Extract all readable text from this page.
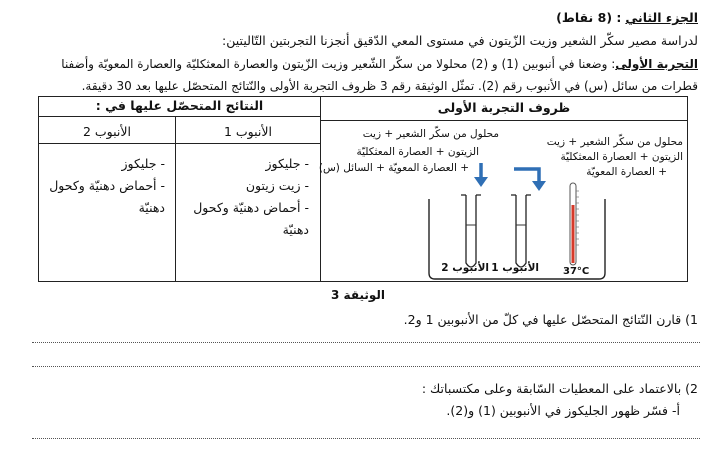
الجزء الثاني : (8 نقاط)
لدراسة مصير سكّر الشعير وزيت الزّيتون في مستوى المعي الدّقيق أنجزنا التجربتين التّاليتين:
التجربة الأولى: وضعنا في أنبوبين (1) و (2) محلولا من سكّر الشّعير وزيت الزّيتون والعصارة المعثكليّة والعصارة المعويّة وأضفنا
قطرات من سائل (س) في الأنبوب رقم (2). تمثّل الوثيقة رقم 3 ظروف التجربة الأولى والنّتائج المتحصّل عليها بعد 30 دقيقة.
ظروف التجربة الأولى
النتائج المتحصّل عليها في :
الأنبوب 1
الأنبوب 2
- جليكوز
- زيت زيتون
- أحماض دهنيّة وكحول
دهنيّة
- جليكوز
- أحماض دهنيّة وكحول
دهنيّة
محلول من سكّر الشعير + زيت
الزيتون + العصارة المعثكليّة
+ العصارة المعويّة
محلول من سكّر الشعير + زيت
الزيتون + العصارة المعثكليّة
+ العصارة المعويّة + السائل (س)
الأنبوب 2 الأنبوب 1 37°C
الوثيقة 3
1) قارن النّتائج المتحصّل عليها في كلّ من الأنبوبين 1 و2.
2) بالاعتماد على المعطيات السّابقة وعلى مكتسباتك :
أ- فسّر ظهور الجليكوز في الأنبوبين (1) و(2).
